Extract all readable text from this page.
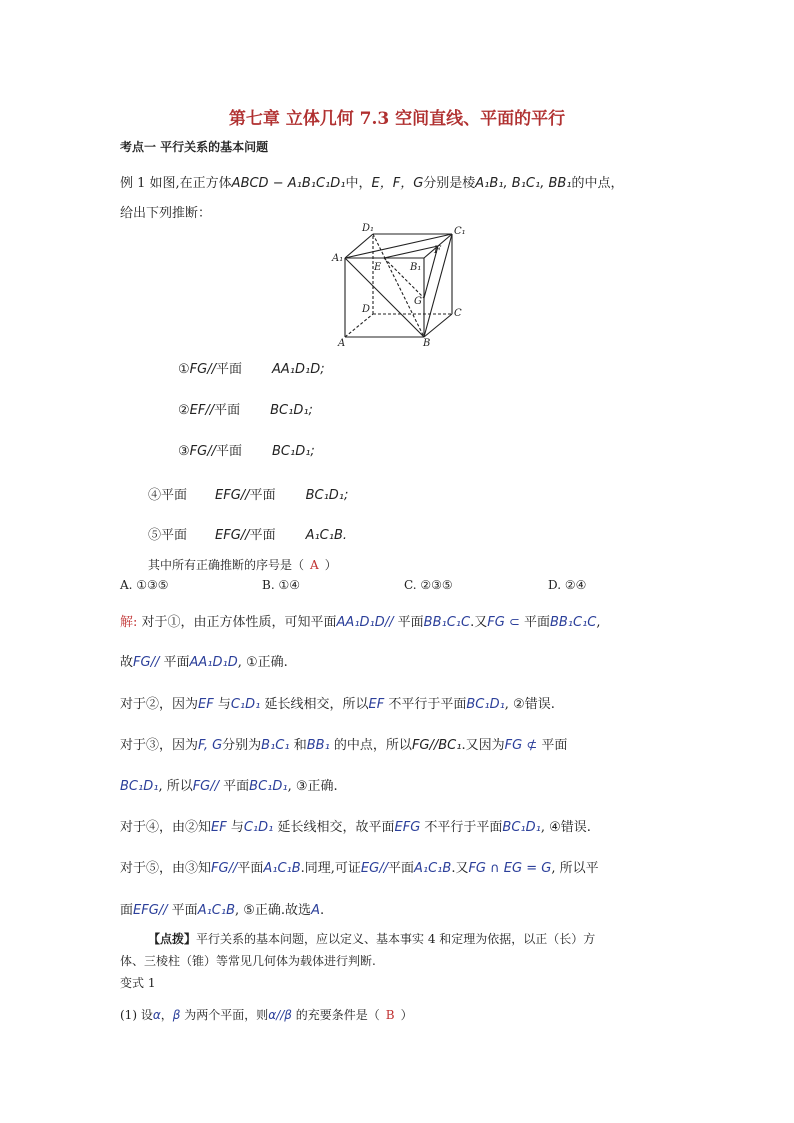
第七章 立体几何 7.3 空间直线、平面的平行
考点一 平行关系的基本问题
例 1 如图,在正方体ABCD − A₁B₁C₁D₁中，E，F，G分别是棱A₁B₁, B₁C₁, BB₁的中点，
给出下列推断：
D₁	C₁
A₁
E
F
B₁
D
G
C
A	B
①FG//平面 AA₁D₁D;
②EF//平面 BC₁D₁;
③FG//平面 BC₁D₁;
④平面 EFG//平面 BC₁D₁;
⑤平面 EFG//平面 A₁C₁B.
其中所有正确推断的序号是（ A ）
A. ①③⑤	B. ①④	C. ②③⑤	D. ②④
解: 对于①，由正方体性质，可知平面AA₁D₁D// 平面BB₁C₁C.又FG ⊂ 平面BB₁C₁C,
故FG// 平面AA₁D₁D, ①正确.
对于②，因为EF 与C₁D₁ 延长线相交，所以EF 不平行于平面BC₁D₁, ②错误.
对于③，因为F, G分别为B₁C₁ 和BB₁ 的中点，所以FG//BC₁.又因为FG ⊄ 平面
BC₁D₁, 所以FG// 平面BC₁D₁, ③正确.
对于④，由②知EF 与C₁D₁ 延长线相交，故平面EFG 不平行于平面BC₁D₁, ④错误.
对于⑤，由③知FG//平面A₁C₁B.同理,可证EG//平面A₁C₁B.又FG ∩ EG = G, 所以平
面EFG// 平面A₁C₁B, ⑤正确.故选A.
【点拨】平行关系的基本问题，应以定义、基本事实 4 和定理为依据，以正（长）方
体、三棱柱（锥）等常见几何体为载体进行判断.
变式 1
(1) 设α，β 为两个平面，则α//β 的充要条件是（ B ）
